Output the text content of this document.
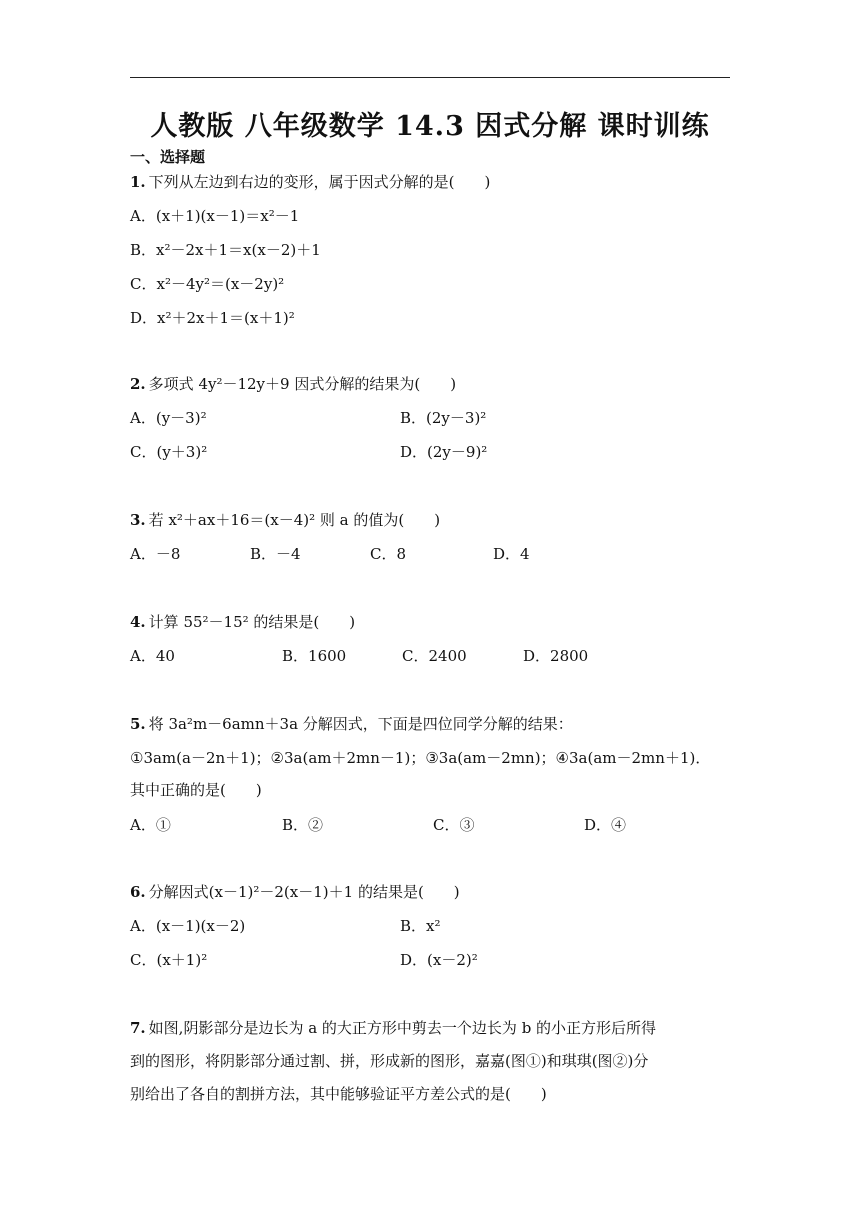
人教版 八年级数学 14.3 因式分解 课时训练
一、选择题
1. 下列从左边到右边的变形，属于因式分解的是(　　)
A．(x＋1)(x－1)＝x²－1
B．x²－2x＋1＝x(x－2)＋1
C．x²－4y²＝(x－2y)²
D．x²＋2x＋1＝(x＋1)²
2. 多项式 4y²－12y＋9 因式分解的结果为(　　)
A．(y－3)²	B．(2y－3)²
C．(y＋3)²	D．(2y－9)²
3. 若 x²＋ax＋16＝(x－4)² 则 a 的值为(　　)
A．－8	B．－4	C．8	D．4
4. 计算 55²－15² 的结果是(　　)
A．40	B．1600	C．2400	D．2800
5. 将 3a²m－6amn＋3a 分解因式，下面是四位同学分解的结果：
①3am(a－2n＋1)；②3a(am＋2mn－1)；③3a(am－2mn)；④3a(am－2mn＋1)．
其中正确的是(　　)
A．①	B．②	C．③	D．④
6. 分解因式(x－1)²－2(x－1)＋1 的结果是(　　)
A．(x－1)(x－2)	B．x²
C．(x＋1)²	D．(x－2)²
7. 如图,阴影部分是边长为 a 的大正方形中剪去一个边长为 b 的小正方形后所得
到的图形，将阴影部分通过割、拼，形成新的图形，嘉嘉(图①)和琪琪(图②)分
别给出了各自的割拼方法，其中能够验证平方差公式的是(　　)
